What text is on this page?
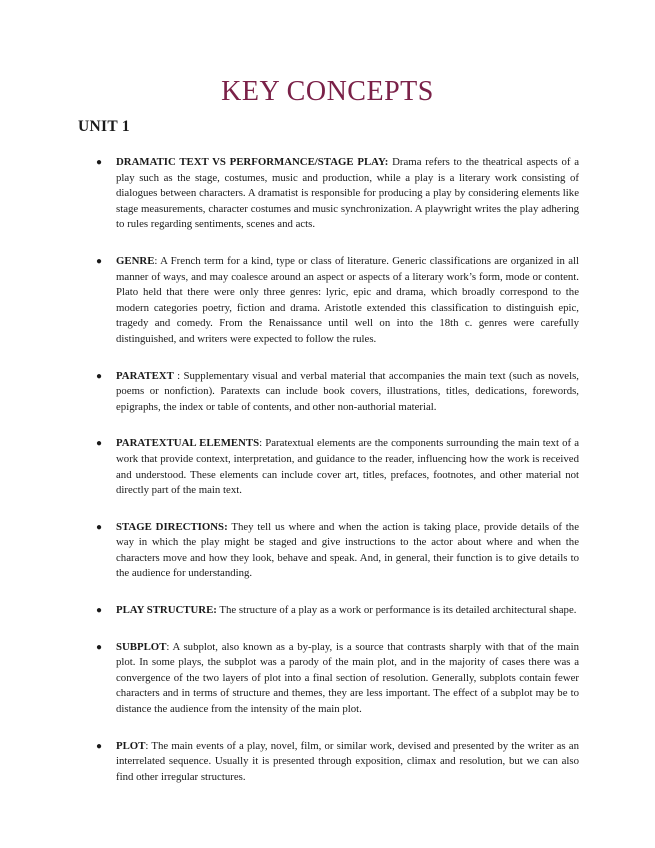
KEY CONCEPTS
UNIT 1
● DRAMATIC TEXT VS PERFORMANCE/STAGE PLAY: Drama refers to the theatrical aspects of a play such as the stage, costumes, music and production, while a play is a literary work consisting of dialogues between characters. A dramatist is responsible for producing a play by considering elements like stage measurements, character costumes and music synchronization. A playwright writes the play adhering to rules regarding sentiments, scenes and acts.
● GENRE: A French term for a kind, type or class of literature. Generic classifications are organized in all manner of ways, and may coalesce around an aspect or aspects of a literary work’s form, mode or content. Plato held that there were only three genres: lyric, epic and drama, which broadly correspond to the modern categories poetry, fiction and drama. Aristotle extended this classification to distinguish epic, tragedy and comedy. From the Renaissance until well on into the 18th c. genres were carefully distinguished, and writers were expected to follow the rules.
● PARATEXT : Supplementary visual and verbal material that accompanies the main text (such as novels, poems or nonfiction). Paratexts can include book covers, illustrations, titles, dedications, forewords, epigraphs, the index or table of contents, and other non-authorial material.
● PARATEXTUAL ELEMENTS: Paratextual elements are the components surrounding the main text of a work that provide context, interpretation, and guidance to the reader, influencing how the work is received and understood. These elements can include cover art, titles, prefaces, footnotes, and other material not directly part of the main text.
● STAGE DIRECTIONS: They tell us where and when the action is taking place, provide details of the way in which the play might be staged and give instructions to the actor about where and when the characters move and how they look, behave and speak. And, in general, their function is to give details to the audience for understanding.
● PLAY STRUCTURE: The structure of a play as a work or performance is its detailed architectural shape.
● SUBPLOT: A subplot, also known as a by-play, is a source that contrasts sharply with that of the main plot. In some plays, the subplot was a parody of the main plot, and in the majority of cases there was a convergence of the two layers of plot into a final section of resolution. Generally, subplots contain fewer characters and in terms of structure and themes, they are less important. The effect of a subplot may be to distance the audience from the intensity of the main plot.
● PLOT: The main events of a play, novel, film, or similar work, devised and presented by the writer as an interrelated sequence. Usually it is presented through exposition, climax and resolution, but we can also find other irregular structures.
